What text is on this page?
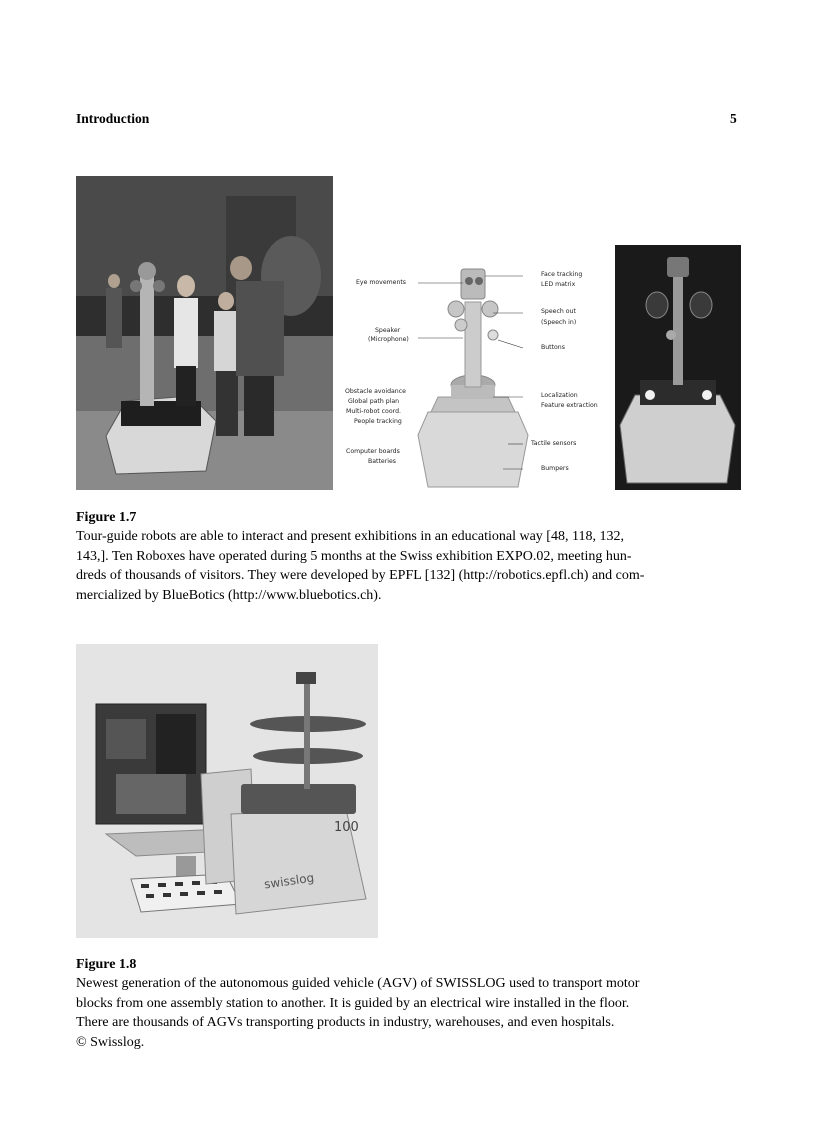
Introduction	5
Eye movements
Speaker
(Microphone)
Obstacle avoidance
Global path plan
Multi-robot coord.
People tracking
Computer boards
Batteries
Face tracking
LED matrix
Speech out
(Speech in)
Buttons
Localization
Feature extraction
Tactile sensors
Bumpers
Figure 1.7
Tour-guide robots are able to interact and present exhibitions in an educational way [48, 118, 132,
143,]. Ten Roboxes have operated during 5 months at the Swiss exhibition EXPO.02, meeting hun-
dreds of thousands of visitors. They were developed by EPFL [132] (http://robotics.epfl.ch) and com-
mercialized by BlueBotics (http://www.bluebotics.ch).
swisslog
100
Figure 1.8
Newest generation of the autonomous guided vehicle (AGV) of SWISSLOG used to transport motor
blocks from one assembly station to another. It is guided by an electrical wire installed in the floor.
There are thousands of AGVs transporting products in industry, warehouses, and even hospitals.
© Swisslog.
